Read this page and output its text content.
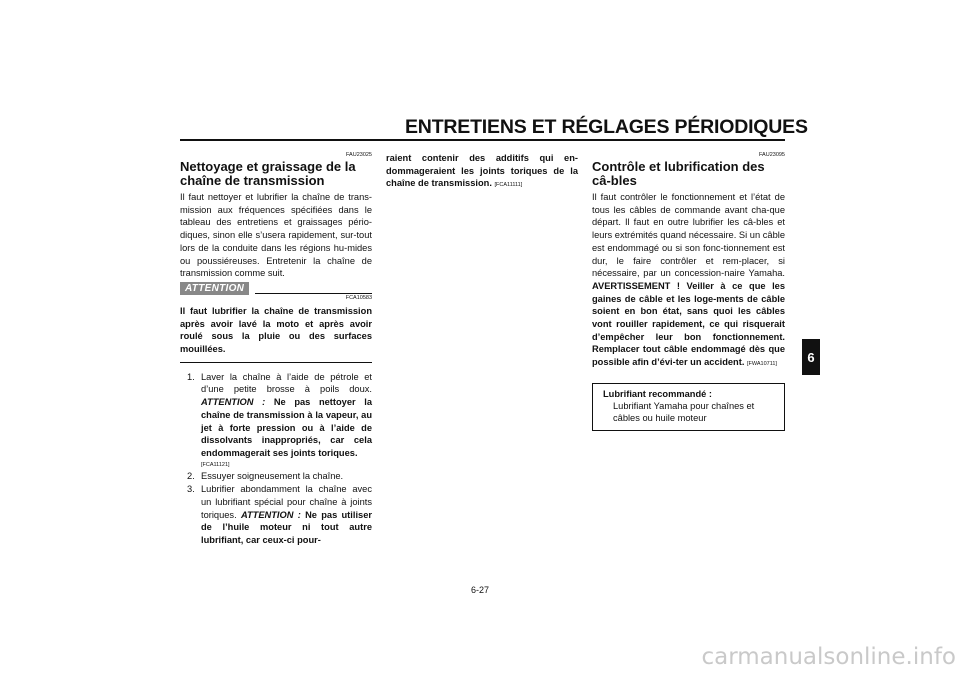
ENTRETIENS ET RÉGLAGES PÉRIODIQUES
6
FAU23025
Nettoyage et graissage de la chaîne de transmission

Il faut nettoyer et lubrifier la chaîne de trans-mission aux fréquences spécifiées dans le tableau des entretiens et graissages pério-diques, sinon elle s’usera rapidement, sur-tout lors de la conduite dans les régions hu-mides ou poussiéreuses. Entretenir la chaîne de transmission comme suit.

ATTENTION
FCA10583
Il faut lubrifier la chaîne de transmission après avoir lavé la moto et après avoir roulé sous la pluie ou des surfaces mouillées.
1. Laver la chaîne à l’aide de pétrole et d’une petite brosse à poils doux. ATTENTION : Ne pas nettoyer la chaîne de transmission à la vapeur, au jet à forte pression ou à l’aide de dissolvants inappropriés, car cela endommagerait ses joints toriques.
[FCA11121]
2. Essuyer soigneusement la chaîne.
3. Lubrifier abondamment la chaîne avec un lubrifiant spécial pour chaîne à joints toriques. ATTENTION : Ne pas utiliser de l’huile moteur ni tout autre lubrifiant, car ceux-ci pour-

raient contenir des additifs qui en-dommageraient les joints toriques de la chaîne de transmission. [FCA11111]

FAU23095
Contrôle et lubrification des câ-bles

Il faut contrôler le fonctionnement et l’état de tous les câbles de commande avant cha-que départ. Il faut en outre lubrifier les câ-bles et leurs extrémités quand nécessaire. Si un câble est endommagé ou si son fonc-tionnement est dur, le faire contrôler et rem-placer, si nécessaire, par un concession-naire Yamaha. AVERTISSEMENT ! Veiller à ce que les gaines de câble et les loge-ments de câble soient en bon état, sans quoi les câbles vont rouiller rapidement, ce qui risquerait d’empêcher leur bon fonctionnement. Remplacer tout câble endommagé dès que possible afin d’évi-ter un accident. [FWA10711]

Lubrifiant recommandé :
Lubrifiant Yamaha pour chaînes et câbles ou huile moteur
6-27
carmanualsonline.info
